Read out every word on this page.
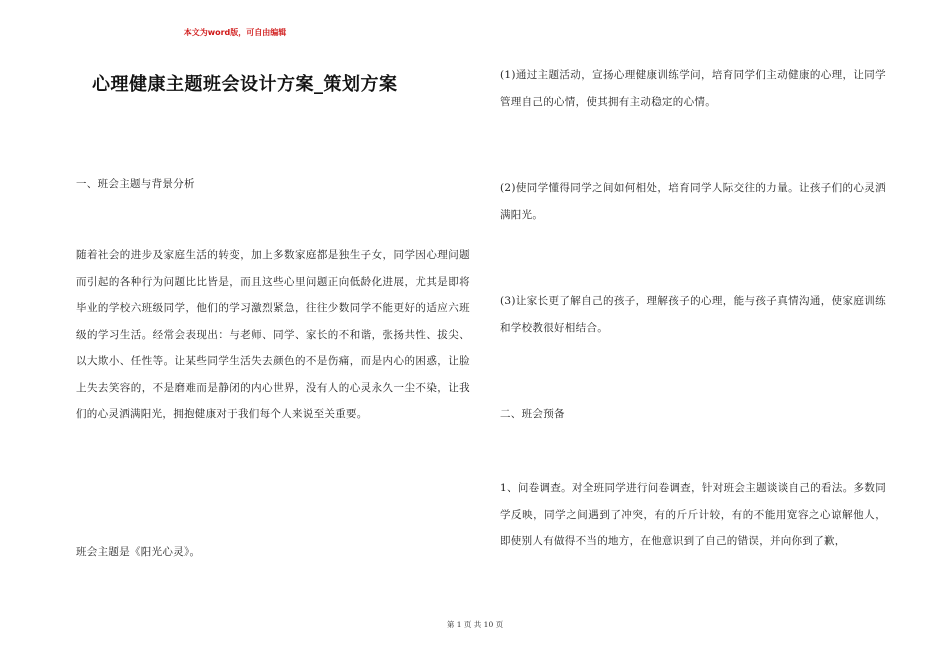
本文为word版，可自由编辑
心理健康主题班会设计方案_策划方案

一、班会主题与背景分析

随着社会的进步及家庭生活的转变，加上多数家庭都是独生子女，同学因心理问题而引起的各种行为问题比比皆是，而且这些心里问题正向低龄化进展，尤其是即将毕业的学校六班级同学，他们的学习激烈紧急，往往少数同学不能更好的适应六班级的学习生活。经常会表现出：与老师、同学、家长的不和谐，张扬共性、拔尖、以大欺小、任性等。让某些同学生活失去颜色的不是伤痛，而是内心的困惑，让脸上失去笑容的，不是磨难而是静闭的内心世界，没有人的心灵永久一尘不染，让我们的心灵洒满阳光，拥抱健康对于我们每个人来说至关重要。

班会主题是《阳光心灵》。

(1)通过主题活动，宣扬心理健康训练学问，培育同学们主动健康的心理，让同学管理自己的心情，使其拥有主动稳定的心情。

(2)使同学懂得同学之间如何相处，培育同学人际交往的力量。让孩子们的心灵洒满阳光。

(3)让家长更了解自己的孩子，理解孩子的心理，能与孩子真情沟通，使家庭训练和学校教很好相结合。

二、班会预备

1、问卷调查。对全班同学进行问卷调查，针对班会主题谈谈自己的看法。多数同学反映，同学之间遇到了冲突，有的斤斤计较，有的不能用宽容之心谅解他人，即使别人有做得不当的地方，在他意识到了自己的错误，并向你到了歉，

第 1 页 共 10 页
